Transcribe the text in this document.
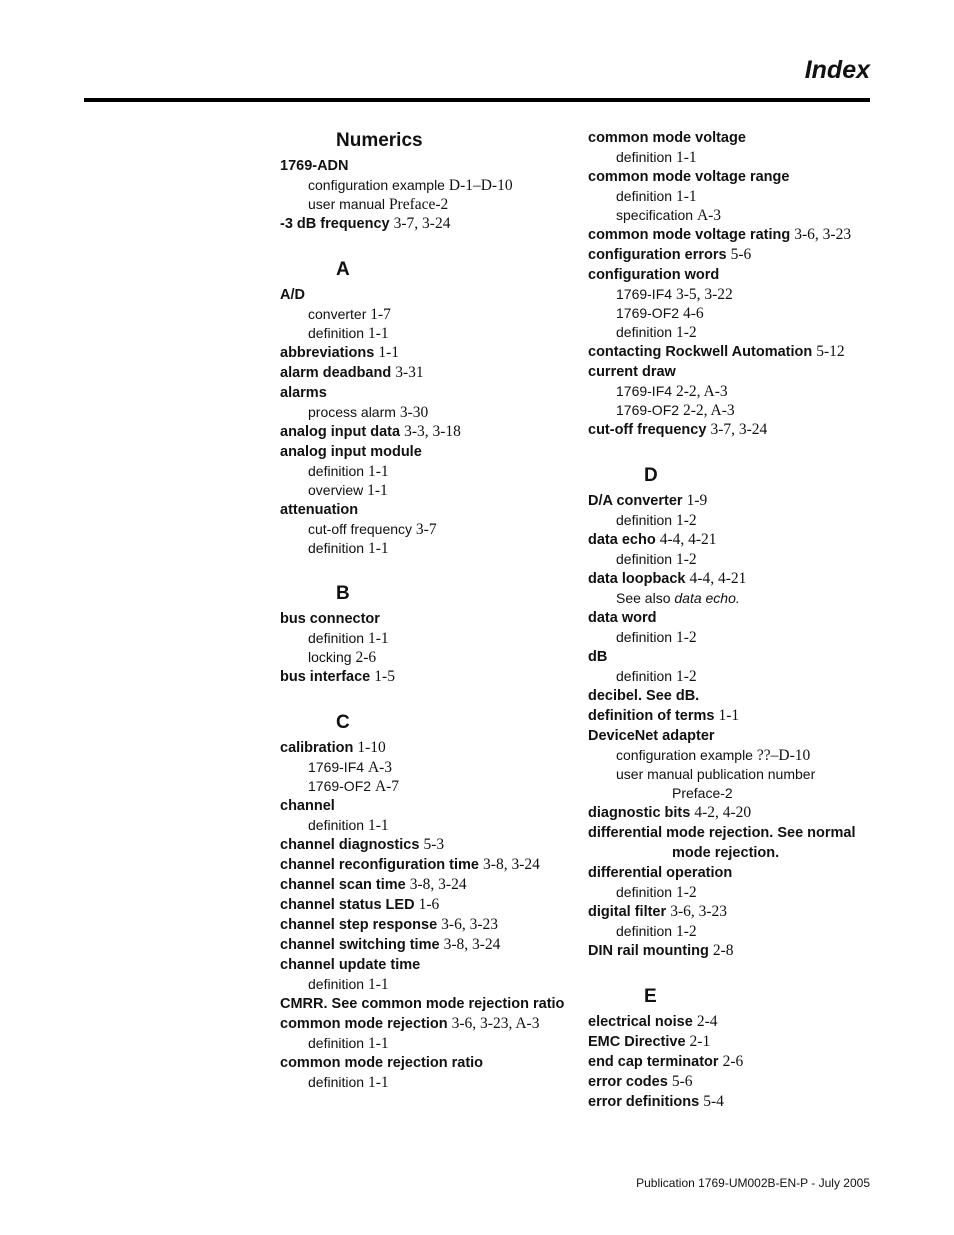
Index
Numerics
1769-ADN
configuration example D-1–D-10
user manual Preface-2
-3 dB frequency 3-7, 3-24
A
A/D
converter 1-7
definition 1-1
abbreviations 1-1
alarm deadband 3-31
alarms
process alarm 3-30
analog input data 3-3, 3-18
analog input module
definition 1-1
overview 1-1
attenuation
cut-off frequency 3-7
definition 1-1
B
bus connector
definition 1-1
locking 2-6
bus interface 1-5
C
calibration 1-10
1769-IF4 A-3
1769-OF2 A-7
channel
definition 1-1
channel diagnostics 5-3
channel reconfiguration time 3-8, 3-24
channel scan time 3-8, 3-24
channel status LED 1-6
channel step response 3-6, 3-23
channel switching time 3-8, 3-24
channel update time
definition 1-1
CMRR. See common mode rejection ratio
common mode rejection 3-6, 3-23, A-3
definition 1-1
common mode rejection ratio
definition 1-1
common mode voltage
definition 1-1
common mode voltage range
definition 1-1
specification A-3
common mode voltage rating 3-6, 3-23
configuration errors 5-6
configuration word
1769-IF4 3-5, 3-22
1769-OF2 4-6
definition 1-2
contacting Rockwell Automation 5-12
current draw
1769-IF4 2-2, A-3
1769-OF2 2-2, A-3
cut-off frequency 3-7, 3-24
D
D/A converter 1-9
definition 1-2
data echo 4-4, 4-21
definition 1-2
data loopback 4-4, 4-21
See also data echo.
data word
definition 1-2
dB
definition 1-2
decibel. See dB.
definition of terms 1-1
DeviceNet adapter
configuration example ??–D-10
user manual publication number
Preface-2
diagnostic bits 4-2, 4-20
differential mode rejection. See normal
mode rejection.
differential operation
definition 1-2
digital filter 3-6, 3-23
definition 1-2
DIN rail mounting 2-8
E
electrical noise 2-4
EMC Directive 2-1
end cap terminator 2-6
error codes 5-6
error definitions 5-4
Publication 1769-UM002B-EN-P - July 2005
